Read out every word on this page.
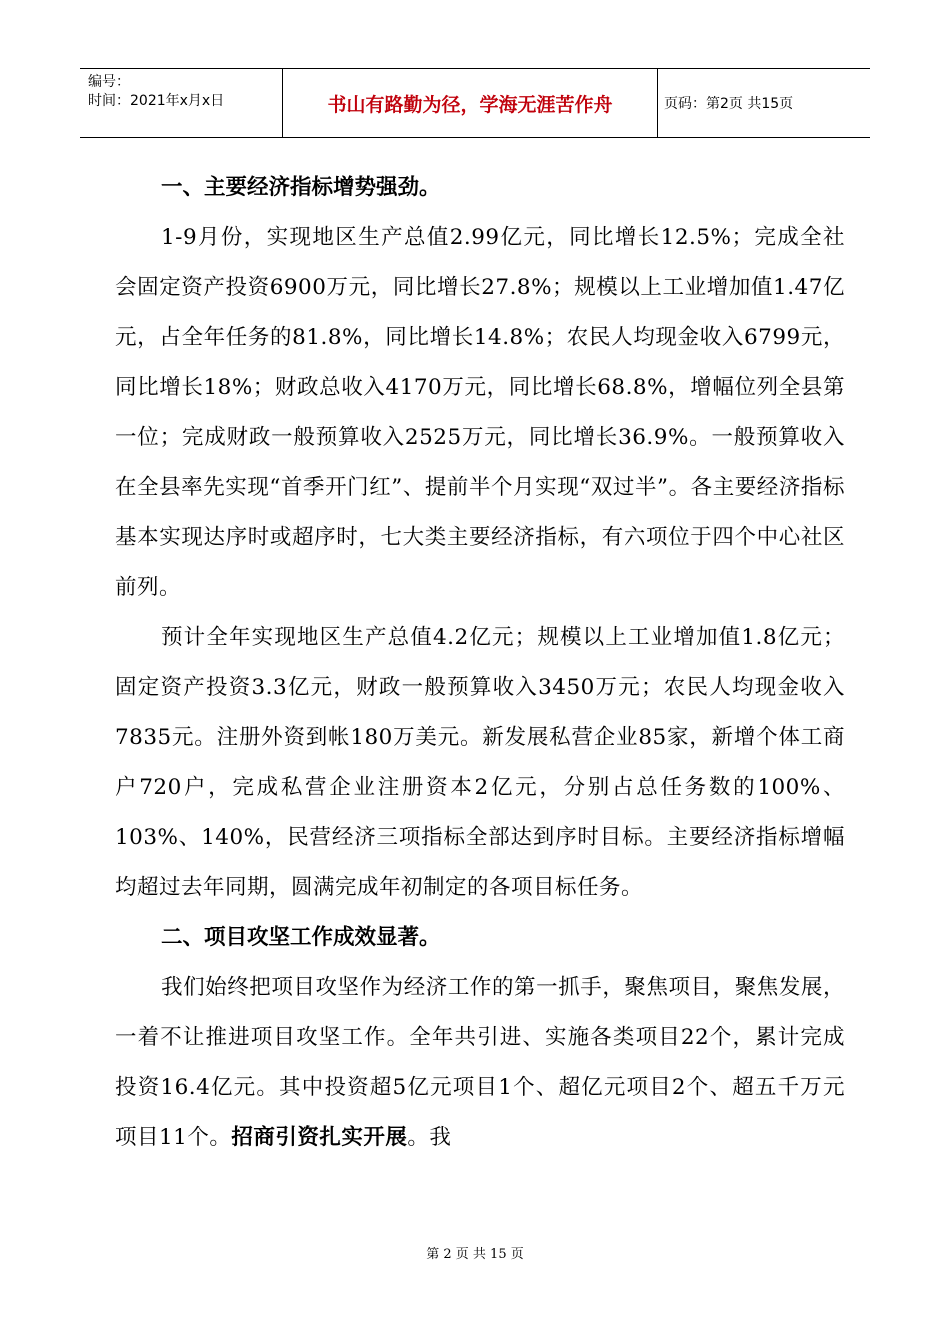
编号：
时间：2021年x月x日	书山有路勤为径，学海无涯苦作舟	页码：第2页 共15页

一、主要经济指标增势强劲。

1-9月份，实现地区生产总值2.99亿元，同比增长12.5%；完成全社会固定资产投资6900万元，同比增长27.8%；规模以上工业增加值1.47亿元，占全年任务的81.8%，同比增长14.8%；农民人均现金收入6799元，同比增长18%；财政总收入4170万元，同比增长68.8%，增幅位列全县第一位；完成财政一般预算收入2525万元，同比增长36.9%。一般预算收入在全县率先实现“首季开门红”、提前半个月实现“双过半”。各主要经济指标基本实现达序时或超序时，七大类主要经济指标，有六项位于四个中心社区前列。

预计全年实现地区生产总值4.2亿元；规模以上工业增加值1.8亿元；固定资产投资3.3亿元，财政一般预算收入3450万元；农民人均现金收入7835元。注册外资到帐180万美元。新发展私营企业85家，新增个体工商户720户，完成私营企业注册资本2亿元，分别占总任务数的100%、103%、140%，民营经济三项指标全部达到序时目标。主要经济指标增幅均超过去年同期，圆满完成年初制定的各项目标任务。

二、项目攻坚工作成效显著。

我们始终把项目攻坚作为经济工作的第一抓手，聚焦项目，聚焦发展，一着不让推进项目攻坚工作。全年共引进、实施各类项目22个，累计完成投资16.4亿元。其中投资超5亿元项目1个、超亿元项目2个、超五千万元项目11个。招商引资扎实开展。我

第 2 页 共 15 页
